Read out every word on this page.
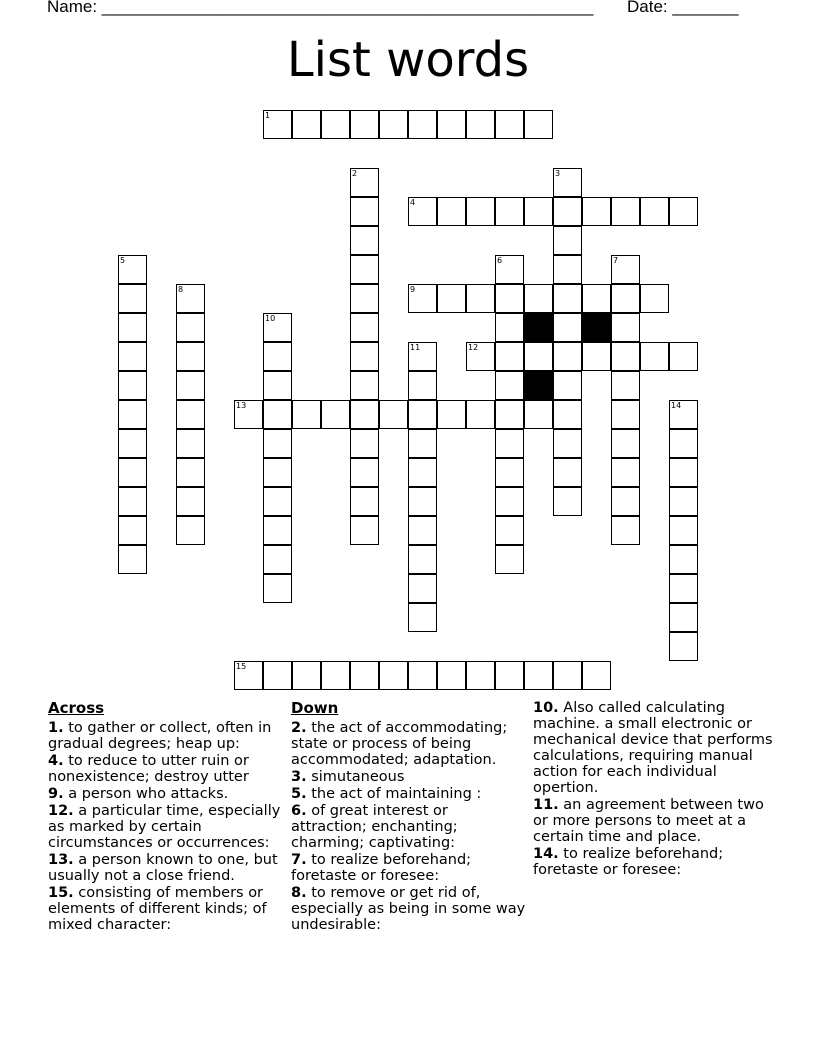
Name: ____________________________________________________ Date: _______
List words
1
4
9
12
13
15
2	3
5	6	7
8
10
11
14
Across
1. to gather or collect, often in gradual degrees; heap up:
4. to reduce to utter ruin or nonexistence; destroy utter
9. a person who attacks.
12. a particular time, especially as marked by certain circumstances or occurrences:
13. a person known to one, but usually not a close friend.
15. consisting of members or elements of different kinds; of mixed character:
Down
2. the act of accommodating; state or process of being accommodated; adaptation.
3. simutaneous
5. the act of maintaining :
6. of great interest or attraction; enchanting; charming; captivating:
7. to realize beforehand; foretaste or foresee:
8. to remove or get rid of, especially as being in some way undesirable:
10. Also called calculating machine. a small electronic or mechanical device that performs calculations, requiring manual action for each individual opertion.
11. an agreement between two or more persons to meet at a certain time and place.
14. to realize beforehand; foretaste or foresee:
